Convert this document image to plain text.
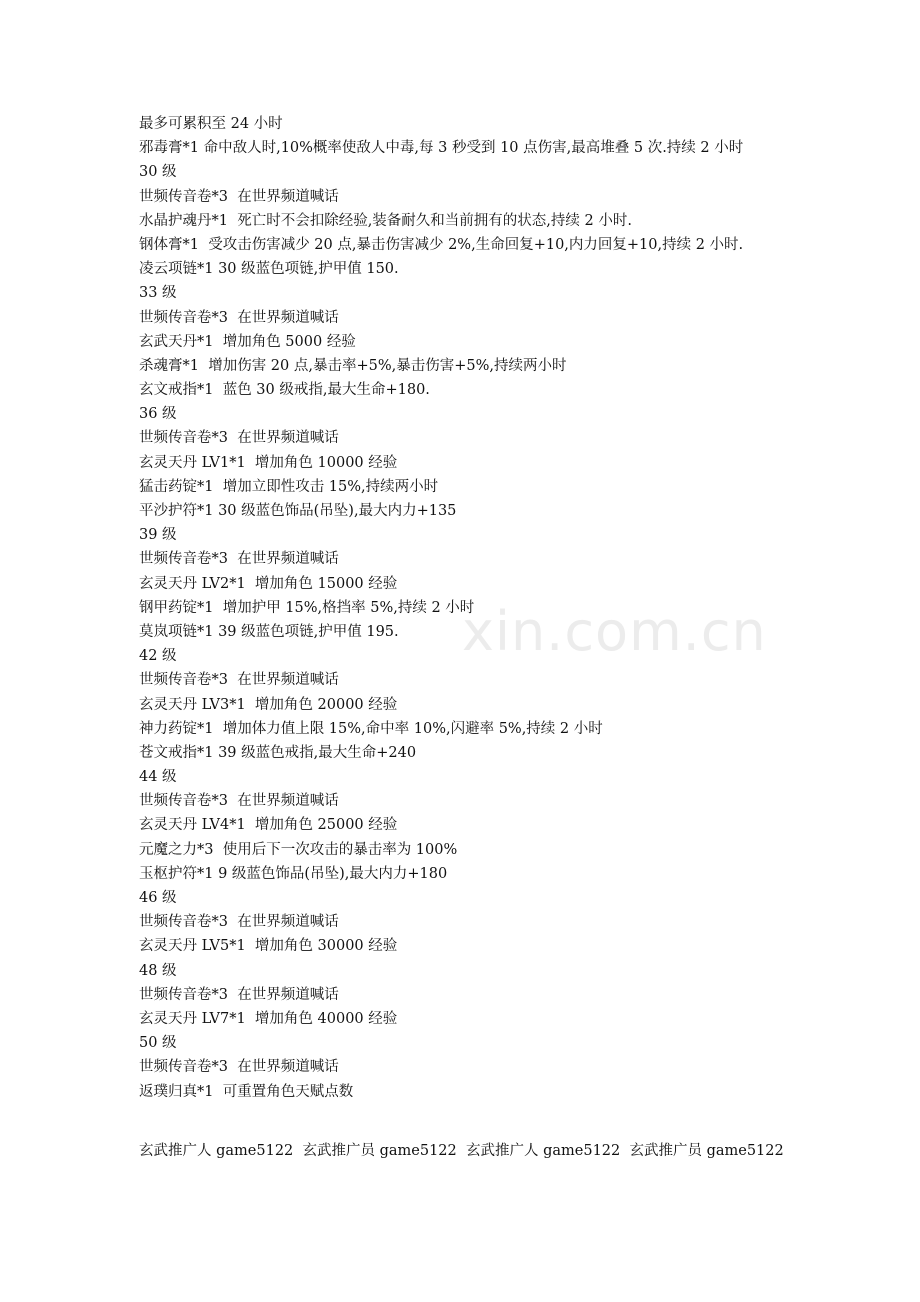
xin.com.cn
最多可累积至 24 小时
邪毒膏*1 命中敌人时,10%概率使敌人中毒,每 3 秒受到 10 点伤害,最高堆叠 5 次.持续 2 小时
30 级
世频传音卷*3  在世界频道喊话
水晶护魂丹*1  死亡时不会扣除经验,装备耐久和当前拥有的状态,持续 2 小时.
钢体膏*1  受攻击伤害减少 20 点,暴击伤害减少 2%,生命回复+10,内力回复+10,持续 2 小时.
凌云项链*1 30 级蓝色项链,护甲值 150.
33 级
世频传音卷*3  在世界频道喊话
玄武天丹*1  增加角色 5000 经验
杀魂膏*1  增加伤害 20 点,暴击率+5%,暴击伤害+5%,持续两小时
玄文戒指*1  蓝色 30 级戒指,最大生命+180.
36 级
世频传音卷*3  在世界频道喊话
玄灵天丹 LV1*1  增加角色 10000 经验
猛击药锭*1  增加立即性攻击 15%,持续两小时
平沙护符*1 30 级蓝色饰品(吊坠),最大内力+135
39 级
世频传音卷*3  在世界频道喊话
玄灵天丹 LV2*1  增加角色 15000 经验
钢甲药锭*1  增加护甲 15%,格挡率 5%,持续 2 小时
莫岚项链*1 39 级蓝色项链,护甲值 195.
42 级
世频传音卷*3  在世界频道喊话
玄灵天丹 LV3*1  增加角色 20000 经验
神力药锭*1  增加体力值上限 15%,命中率 10%,闪避率 5%,持续 2 小时
苍文戒指*1 39 级蓝色戒指,最大生命+240
44 级
世频传音卷*3  在世界频道喊话
玄灵天丹 LV4*1  增加角色 25000 经验
元魔之力*3  使用后下一次攻击的暴击率为 100%
玉枢护符*1 9 级蓝色饰品(吊坠),最大内力+180
46 级
世频传音卷*3  在世界频道喊话
玄灵天丹 LV5*1  增加角色 30000 经验
48 级
世频传音卷*3  在世界频道喊话
玄灵天丹 LV7*1  增加角色 40000 经验
50 级
世频传音卷*3  在世界频道喊话
返璞归真*1  可重置角色天赋点数
玄武推广人 game5122  玄武推广员 game5122  玄武推广人 game5122  玄武推广员 game5122
